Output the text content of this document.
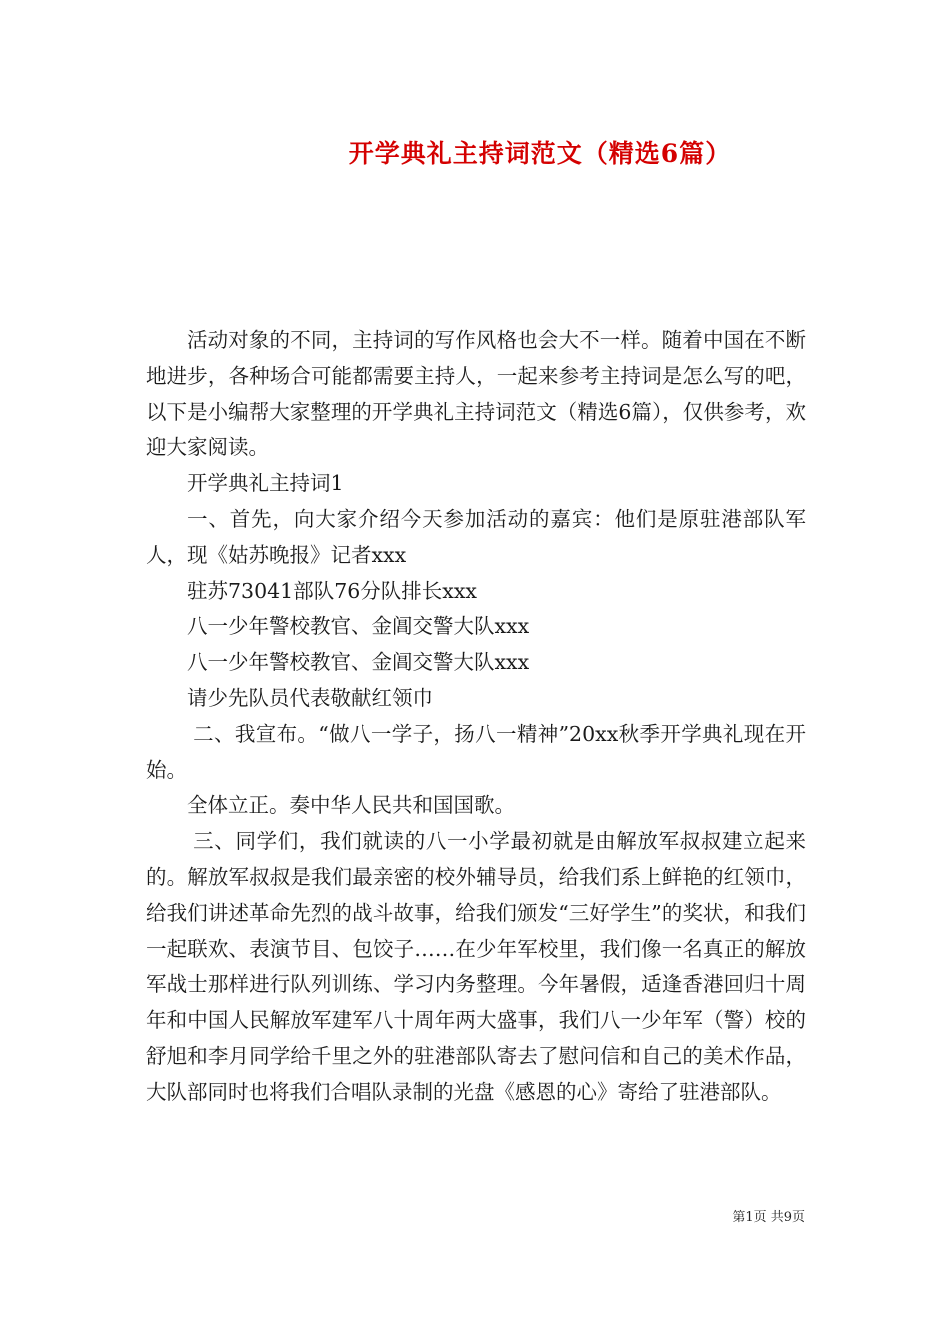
开学典礼主持词范文（精选6篇）

活动对象的不同，主持词的写作风格也会大不一样。随着中国在不断地进步，各种场合可能都需要主持人，一起来参考主持词是怎么写的吧，以下是小编帮大家整理的开学典礼主持词范文（精选6篇），仅供参考，欢迎大家阅读。

开学典礼主持词1

一、首先，向大家介绍今天参加活动的嘉宾：他们是原驻港部队军人，现《姑苏晚报》记者xxx

驻苏73041部队76分队排长xxx

八一少年警校教官、金阊交警大队xxx

八一少年警校教官、金阊交警大队xxx

请少先队员代表敬献红领巾

二、我宣布。“做八一学子，扬八一精神”20xx秋季开学典礼现在开始。

全体立正。奏中华人民共和国国歌。

三、同学们，我们就读的八一小学最初就是由解放军叔叔建立起来的。解放军叔叔是我们最亲密的校外辅导员，给我们系上鲜艳的红领巾，给我们讲述革命先烈的战斗故事，给我们颁发“三好学生”的奖状，和我们一起联欢、表演节目、包饺子……在少年军校里，我们像一名真正的解放军战士那样进行队列训练、学习内务整理。今年暑假，适逢香港回归十周年和中国人民解放军建军八十周年两大盛事，我们八一少年军（警）校的舒旭和李月同学给千里之外的驻港部队寄去了慰问信和自己的美术作品，大队部同时也将我们合唱队录制的光盘《感恩的心》寄给了驻港部队。

第1页 共9页
